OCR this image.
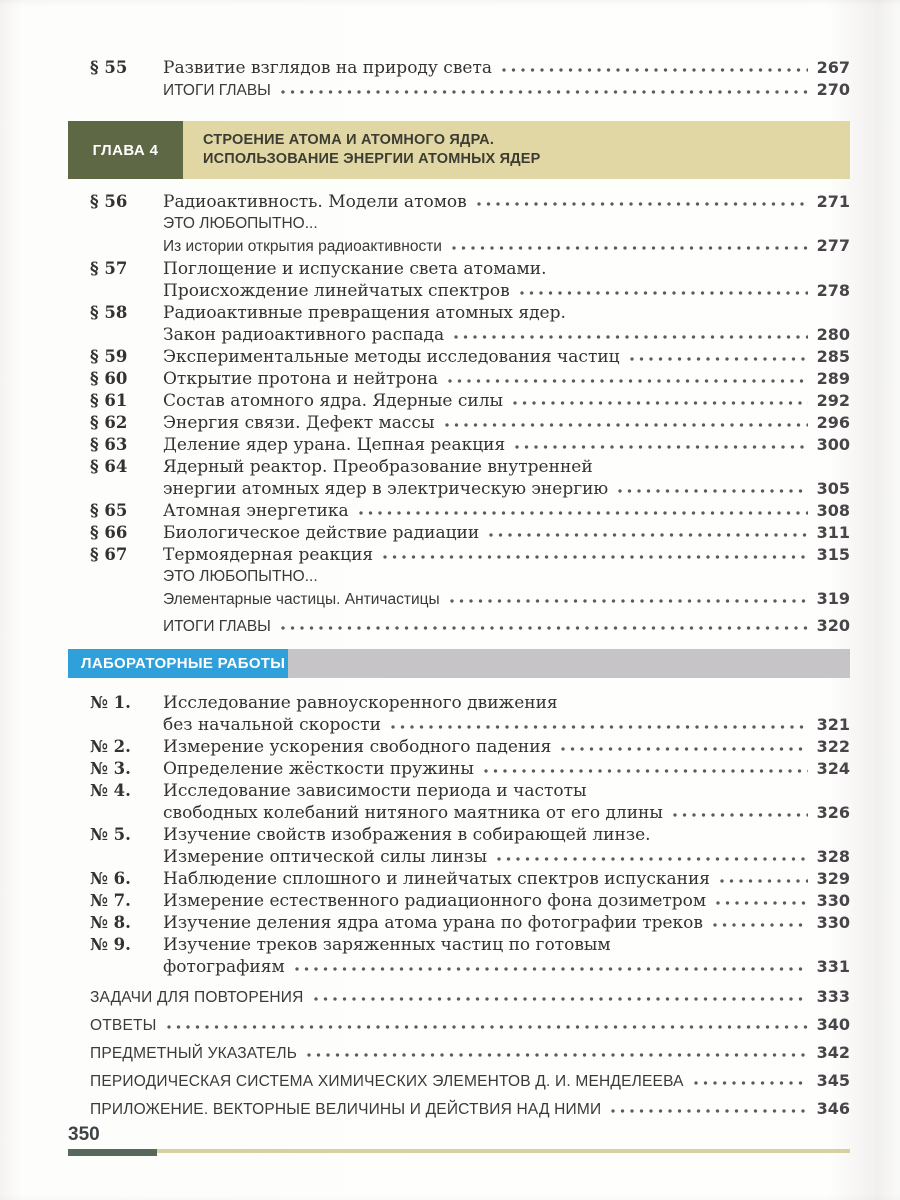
§ 55	Развитие взглядов на природу света	267
ИТОГИ ГЛАВЫ	270
ГЛАВА 4
СТРОЕНИЕ АТОМА И АТОМНОГО ЯДРА.
ИСПОЛЬЗОВАНИЕ ЭНЕРГИИ АТОМНЫХ ЯДЕР
§ 56	Радиоактивность. Модели атомов	271
ЭТО ЛЮБОПЫТНО...
Из истории открытия радиоактивности	277
§ 57	Поглощение и испускание света атомами.
Происхождение линейчатых спектров	278
§ 58	Радиоактивные превращения атомных ядер.
Закон радиоактивного распада	280
§ 59	Экспериментальные методы исследования частиц	285
§ 60	Открытие протона и нейтрона	289
§ 61	Состав атомного ядра. Ядерные силы	292
§ 62	Энергия связи. Дефект массы	296
§ 63	Деление ядер урана. Цепная реакция	300
§ 64	Ядерный реактор. Преобразование внутренней
энергии атомных ядер в электрическую энергию	305
§ 65	Атомная энергетика	308
§ 66	Биологическое действие радиации	311
§ 67	Термоядерная реакция	315
ЭТО ЛЮБОПЫТНО...
Элементарные частицы. Античастицы	319
ИТОГИ ГЛАВЫ	320
ЛАБОРАТОРНЫЕ РАБОТЫ
№ 1.	Исследование равноускоренного движения
без начальной скорости	321
№ 2.	Измерение ускорения свободного падения	322
№ 3.	Определение жёсткости пружины	324
№ 4.	Исследование зависимости периода и частоты
свободных колебаний нитяного маятника от его длины	326
№ 5.	Изучение свойств изображения в собирающей линзе.
Измерение оптической силы линзы	328
№ 6.	Наблюдение сплошного и линейчатых спектров испускания	329
№ 7.	Измерение естественного радиационного фона дозиметром	330
№ 8.	Изучение деления ядра атома урана по фотографии треков	330
№ 9.	Изучение треков заряженных частиц по готовым
фотографиям	331
ЗАДАЧИ ДЛЯ ПОВТОРЕНИЯ	333
ОТВЕТЫ	340
ПРЕДМЕТНЫЙ УКАЗАТЕЛЬ	342
ПЕРИОДИЧЕСКАЯ СИСТЕМА ХИМИЧЕСКИХ ЭЛЕМЕНТОВ Д. И. МЕНДЕЛЕЕВА	345
ПРИЛОЖЕНИЕ. ВЕКТОРНЫЕ ВЕЛИЧИНЫ И ДЕЙСТВИЯ НАД НИМИ	346
350
